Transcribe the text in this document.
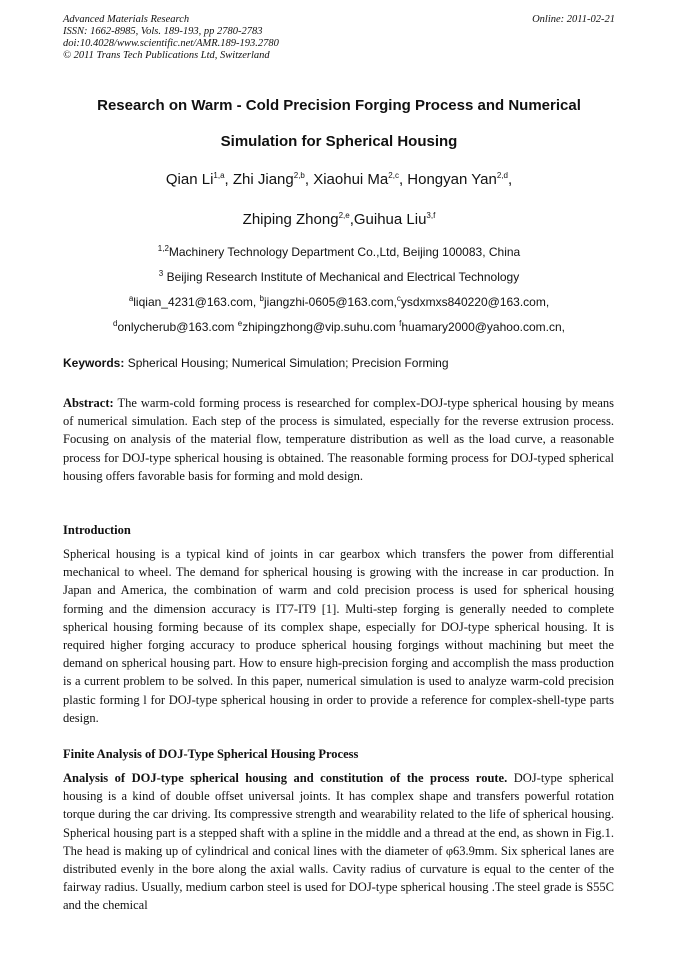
Advanced Materials Research
ISSN: 1662-8985, Vols. 189-193, pp 2780-2783
doi:10.4028/www.scientific.net/AMR.189-193.2780
© 2011 Trans Tech Publications Ltd, Switzerland
Online: 2011-02-21
Research on Warm - Cold Precision Forging Process and Numerical
Simulation for Spherical Housing
Qian Li$^{1,a}$, Zhi Jiang$^{2,b}$, Xiaohui Ma$^{2,c}$, Hongyan Yan$^{2,d}$,
Zhiping Zhong$^{2,e}$,Guihua Liu$^{3,f}$
$^{1,2}$Machinery Technology Department Co.,Ltd, Beijing 100083, China
$^3$ Beijing Research Institute of Mechanical and Electrical Technology
$^a$liqian_4231@163.com, $^b$jiangzhi-0605@163.com,$^c$ysdxmxs840220@163.com,
$^d$onlycherub@163.com $^e$zhipingzhong@vip.suhu.com $^f$huamary2000@yahoo.com.cn,
Keywords: Spherical Housing; Numerical Simulation; Precision Forming
Abstract: The warm-cold forming process is researched for complex-DOJ-type spherical housing by means of numerical simulation. Each step of the process is simulated, especially for the reverse extrusion process. Focusing on analysis of the material flow, temperature distribution as well as the load curve, a reasonable process for DOJ-type spherical housing is obtained. The reasonable forming process for DOJ-typed spherical housing offers favorable basis for forming and mold design.
Introduction
Spherical housing is a typical kind of joints in car gearbox which transfers the power from differential mechanical to wheel. The demand for spherical housing is growing with the increase in car production. In Japan and America, the combination of warm and cold precision process is used for spherical housing forming and the dimension accuracy is IT7-IT9 [1]. Multi-step forging is generally needed to complete spherical housing forming because of its complex shape, especially for DOJ-type spherical housing. It is required higher forging accuracy to produce spherical housing forgings without machining but meet the demand on spherical housing part. How to ensure high-precision forging and accomplish the mass production is a current problem to be solved. In this paper, numerical simulation is used to analyze warm-cold precision plastic forming l for DOJ-type spherical housing in order to provide a reference for complex-shell-type parts design.
Finite Analysis of DOJ-Type Spherical Housing Process
Analysis of DOJ-type spherical housing and constitution of the process route. DOJ-type spherical housing is a kind of double offset universal joints. It has complex shape and transfers powerful rotation torque during the car driving. Its compressive strength and wearability related to the life of spherical housing. Spherical housing part is a stepped shaft with a spline in the middle and a thread at the end, as shown in Fig.1. The head is making up of cylindrical and conical lines with the diameter of φ63.9mm. Six spherical lanes are distributed evenly in the bore along the axial walls. Cavity radius of curvature is equal to the center of the fairway radius. Usually, medium carbon steel is used for DOJ-type spherical housing .The steel grade is S55C and the chemical
